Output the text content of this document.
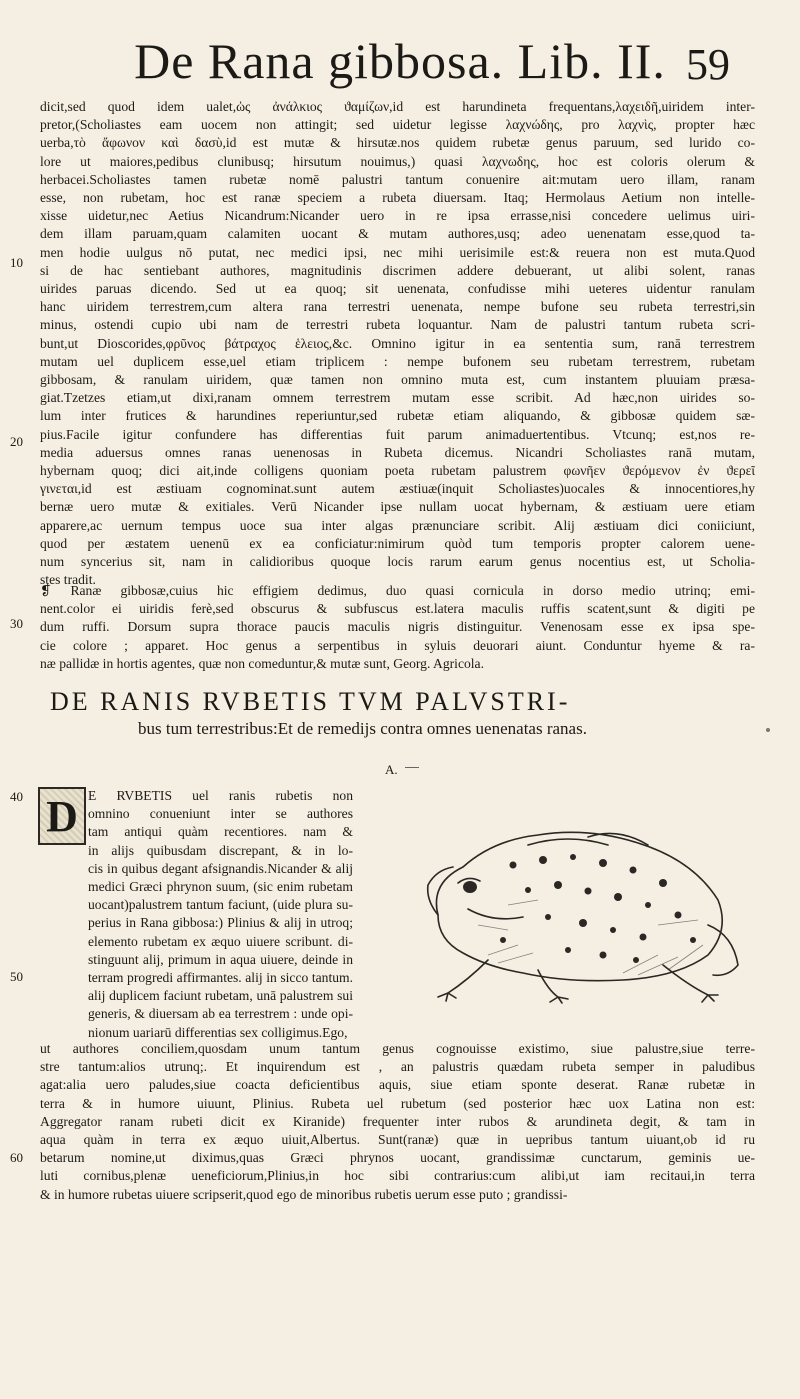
De Rana gibbosa. Lib. II. 59
dicit,sed quod idem ualet,ὡς ἀνάλκιος ϑαμίζων,id est harundineta frequentans,λαχειδῆ,uiridem inter-
pretor,(Scholiastes eam uocem non attingit; sed uidetur legisse λαχνώδης, pro λαχνὶς, propter hæc
uerba,τὸ ἄφωνον καὶ δασὺ,id est mutæ & hirsutæ.nos quidem rubetæ genus paruum, sed lurido co-
lore ut maiores,pedibus clunibusq; hirsutum nouimus,) quasi λαχνωδης, hoc est coloris olerum &
herbacei.Scholiastes tamen rubetæ nomē palustri tantum conuenire ait:mutam uero illam, ranam
esse, non rubetam, hoc est ranæ speciem a rubeta diuersam. Itaq; Hermolaus Aetium non intelle-
xisse uidetur,nec Aetius Nicandrum:Nicander uero in re ipsa errasse,nisi concedere uelimus uiri-
dem illam paruam,quam calamiten uocant & mutam authores,usq; adeo uenenatam esse,quod ta-
men hodie uulgus nō putat, nec medici ipsi, nec mihi uerisimile est:& reuera non est muta.Quod
si de hac sentiebant authores, magnitudinis discrimen addere debuerant, ut alibi solent, ranas
uirides paruas dicendo. Sed ut ea quoq; sit uenenata, confudisse mihi ueteres uidentur ranulam
hanc uiridem terrestrem,cum altera rana terrestri uenenata, nempe bufone seu rubeta terrestri,sin
minus, ostendi cupio ubi nam de terrestri rubeta loquantur. Nam de palustri tantum rubeta scri-
bunt,ut Dioscorides,φρῦνος βάτραχος ἑλειος,&c. Omnino igitur in ea sententia sum, ranā terrestrem
mutam uel duplicem esse,uel etiam triplicem : nempe bufonem seu rubetam terrestrem, rubetam
gibbosam, & ranulam uiridem, quæ tamen non omnino muta est, cum instantem pluuiam præsa-
giat.Tzetzes etiam,ut dixi,ranam omnem terrestrem mutam esse scribit. Ad hæc,non uirides so-
lum inter frutices & harundines reperiuntur,sed rubetæ etiam aliquando, & gibbosæ quidem sæ-
pius.Facile igitur confundere has differentias fuit parum animaduertentibus. Vtcunq; est,nos re-
media aduersus omnes ranas uenenosas in Rubeta dicemus. Nicandri Scholiastes ranā mutam,
hybernam quoq; dici ait,inde colligens quoniam poeta rubetam palustrem φωνῆεν ϑερόμενον ἐν ϑερεῖ
γινεται,id est æstiuam cognominat.sunt autem æstiuæ(inquit Scholiastes)uocales & innocentiores,hy
bernæ uero mutæ & exitiales. Verū Nicander ipse nullam uocat hybernam, & æstiuam uere etiam
apparere,ac uernum tempus uoce sua inter algas prænunciare scribit. Alij æstiuam dici coniiciunt,
quod per æstatem uenenū ex ea conficiatur:nimirum quòd tum temporis propter calorem uene-
num syncerius sit, nam in calidioribus quoque locis rarum earum genus nocentius est, ut Scholia-
stes tradit.
❡ Ranæ gibbosæ,cuius hic effigiem dedimus, duo quasi cornicula in dorso medio utrinq; emi-
nent.color ei uiridis ferè,sed obscurus & subfuscus est.latera maculis ruffis scatent,sunt & digiti pe
dum ruffi. Dorsum supra thorace paucis maculis nigris distinguitur. Venenosam esse ex ipsa spe-
cie colore ; apparet. Hoc genus a serpentibus in syluis deuorari aiunt. Conduntur hyeme & ra-
næ pallidæ in hortis agentes, quæ non comeduntur,& mutæ sunt, Georg. Agricola.
DE RANIS RVBETIS TVM PALVSTRI-
bus tum terrestribus:Et de remedijs contra omnes uenenatas ranas.
A.
D E RVBETIS uel ranis rubetis non
omnino conueniunt inter se authores
tam antiqui quàm recentiores. nam &
in alijs quibusdam discrepant, & in lo-
cis in quibus degant afsignandis.Nicander & alij
medici Græci phrynon suum, (sic enim rubetam
uocant)palustrem tantum faciunt, (uide plura su-
perius in Rana gibbosa:) Plinius & alij in utroq;
elemento rubetam ex æquo uiuere scribunt. di-
stinguunt alij, primum in aqua uiuere, deinde in
terram progredi affirmantes. alij in sicco tantum.
alij duplicem faciunt rubetam, unā palustrem sui
generis, & diuersam ab ea terrestrem : unde opi-
nionum uariarū differentias sex colligimus.Ego,
ut authores conciliem,quosdam unum tantum genus cognouisse existimo, siue palustre,siue terre-
stre tantum:alios utrunq;. Et inquirendum est , an palustris quædam rubeta semper in paludibus
agat:alia uero paludes,siue coacta deficientibus aquis, siue etiam sponte deserat. Ranæ rubetæ in
terra & in humore uiuunt, Plinius. Rubeta uel rubetum (sed posterior hæc uox Latina non est:
Aggregator ranam rubeti dicit ex Kiranide) frequenter inter rubos & arundineta degit, & tam in
aqua quàm in terra ex æquo uiuit,Albertus. Sunt(ranæ) quæ in uepribus tantum uiuant,ob id ru
betarum nomine,ut diximus,quas Græci phrynos uocant, grandissimæ cunctarum, geminis ue-
luti cornibus,plenæ ueneficiorum,Plinius,in hoc sibi contrarius:cum alibi,ut iam recitaui,in terra
& in humore rubetas uiuere scripserit,quod ego de minoribus rubetis uerum esse puto ; grandissi-
10
20
30
40
50
60
